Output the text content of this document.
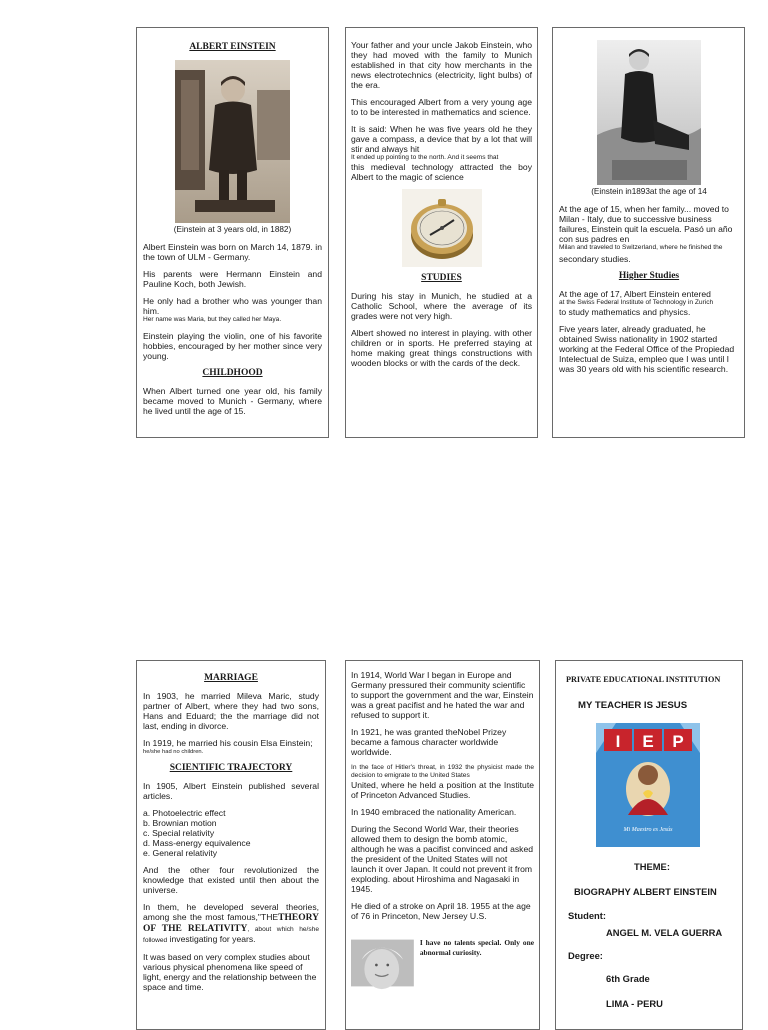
ALBERT EINSTEIN
(Einstein at 3 years old, in 1882)

Albert Einstein was born on March 14, 1879. in the town of ULM - Germany.

His parents were Hermann Einstein and Pauline Koch, both Jewish.

He only had a brother who was younger than him.

Her name was Maria, but they called her Maya.

Einstein playing the violin, one of his favorite hobbies, encouraged by her mother since very young.

CHILDHOOD

When Albert turned one year old, his family became moved to Munich - Germany, where he lived until the age of 15.

Your father and your uncle Jakob Einstein, who they had moved with the family to Munich established in that city how merchants in the news electrotechnics (electricity, light bulbs) of the era.

This encouraged Albert from a very young age to to be interested in mathematics and science.

It is said: When he was five years old he they gave a compass, a device that by a lot that will stir and always hit

It ended up pointing to the north. And it seems that

this medieval technology attracted the boy Albert to the magic of science

STUDIES

During his stay in Munich, he studied at a Catholic School, where the average of its grades were not very high.

Albert showed no interest in playing. with other children or in sports. He preferred staying at home making great things constructions with wooden blocks or with the cards of the deck.

(Einstein in1893at the age of 14

At the age of 15, when her family... moved to Milan - Italy, due to successive business failures, Einstein quit la escuela. Pasó un año con sus padres en

Milan and traveled to Switzerland, where he finished the

secondary studies.

Higher Studies

At the age of 17, Albert Einstein entered

at the Swiss Federal Institute of Technology in Zurich

to study mathematics and physics.

Five years later, already graduated, he obtained Swiss nationality in 1902 started working at the Federal Office of the Propiedad Intelectual de Suiza, empleo que I was until I was 30 years old with his scientific research.

MARRIAGE

In 1903, he married Mileva Maric, study partner of Albert, where they had two sons, Hans and Eduard; the the marriage did not last, ending in divorce.

In 1919, he married his cousin Elsa Einstein;

he/she had no children.

SCIENTIFIC TRAJECTORY

In 1905, Albert Einstein published several articles.

a. Photoelectric effect
b. Brownian motion
c. Special relativity
d. Mass-energy equivalence
e. General relativity

And the other four revolutionized the knowledge that existed until then about the universe.

In them, he developed several theories, among she the most famous,"THETHEORY OF THE RELATIVITY, about which he/she followed investigating for years.

It was based on very complex studies about various physical phenomena like speed of light, energy and the relationship between the space and time.

In 1914, World War I began in Europe and Germany pressured their community scientific to support the government and the war, Einstein was a great pacifist and he hated the war and refused to support it.

In 1921, he was granted theNobel Prizey became a famous character worldwide worldwide.

In the face of Hitler's threat, in 1932 the physicist made the decision to emigrate to the United States

United, where he held a position at the Institute of Princeton Advanced Studies.

In 1940 embraced the nationality American.

During the Second World War, their theories allowed them to design the bomb atomic, although he was a pacifist convinced and asked the president of the United States will not launch it over Japan. It could not prevent it from exploding. about Hiroshima and Nagasaki in 1945.

He died of a stroke on April 18. 1955 at the age of 76 in Princeton, New Jersey U.S.

I have no talents special. Only one abnormal curiosity.

PRIVATE EDUCATIONAL INSTITUTION
MY TEACHER IS JESUS
I E P
Mi Maestro es Jesús
THEME:
BIOGRAPHY ALBERT EINSTEIN
Student:
ANGEL M. VELA GUERRA
Degree:
6th Grade
LIMA - PERU
